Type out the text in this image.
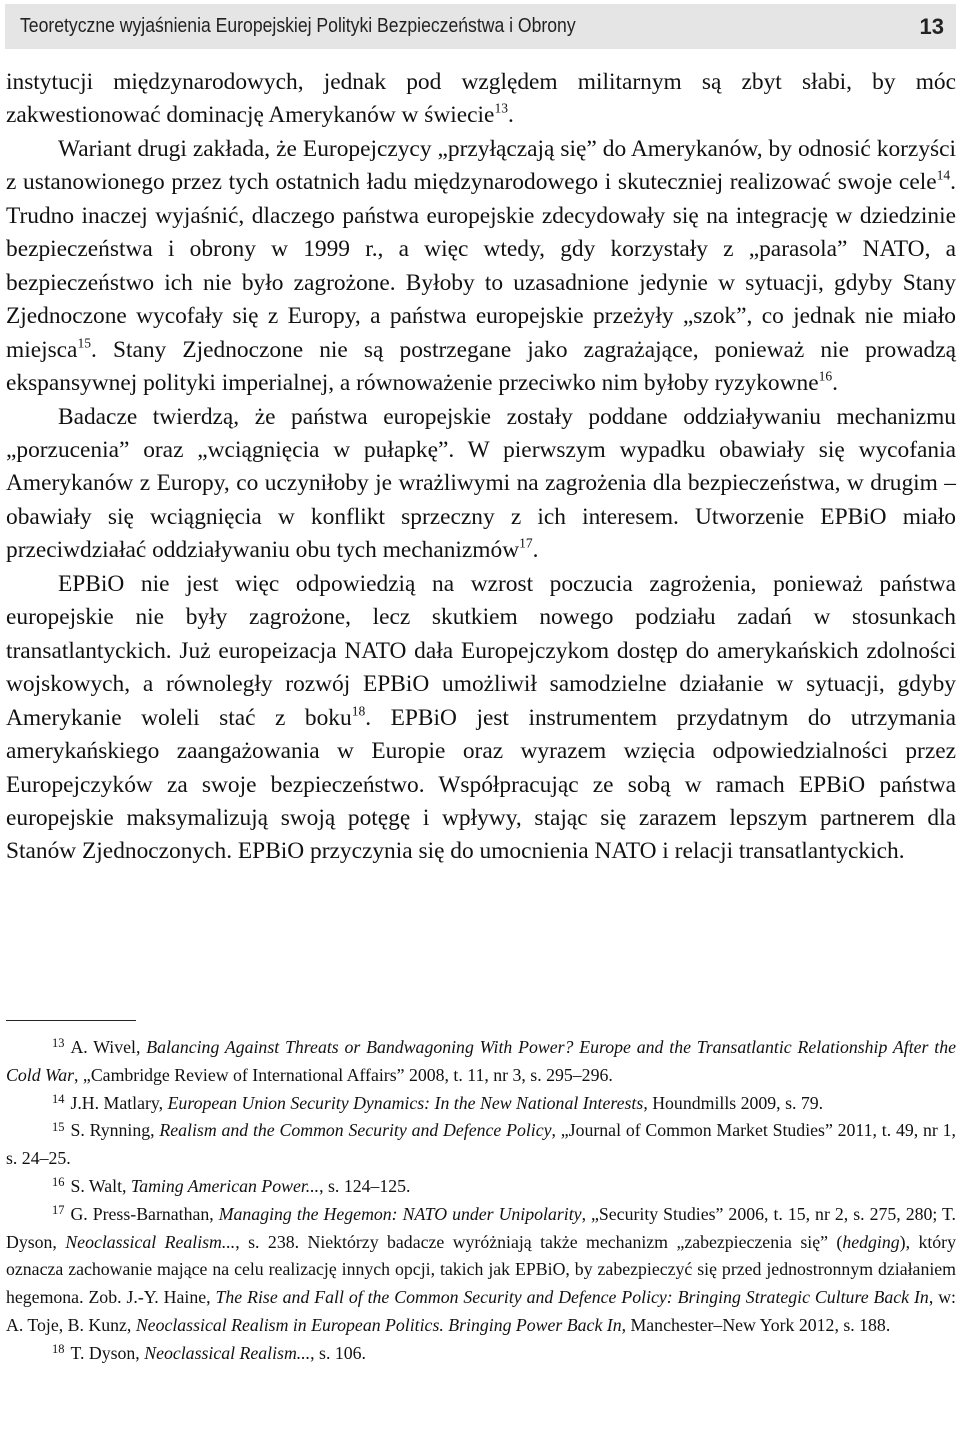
Teoretyczne wyjaśnienia Europejskiej Polityki Bezpieczeństwa i Obrony	13

instytucji międzynarodowych, jednak pod względem militarnym są zbyt słabi, by móc zakwestionować dominację Amerykanów w świecie$^{13}$.

Wariant drugi zakłada, że Europejczycy „przyłączają się” do Amerykanów, by odnosić korzyści z ustanowionego przez tych ostatnich ładu międzynarodowego i skuteczniej realizować swoje cele$^{14}$. Trudno inaczej wyjaśnić, dlaczego państwa europejskie zdecydowały się na integrację w dziedzinie bezpieczeństwa i obrony w 1999 r., a więc wtedy, gdy korzystały z „parasola” NATO, a bezpieczeństwo ich nie było zagrożone. Byłoby to uzasadnione jedynie w sytuacji, gdyby Stany Zjednoczone wycofały się z Europy, a państwa europejskie przeżyły „szok”, co jednak nie miało miejsca$^{15}$. Stany Zjednoczone nie są postrzegane jako zagrażające, ponieważ nie prowadzą ekspansywnej polityki imperialnej, a równoważenie przeciwko nim byłoby ryzykowne$^{16}$.

Badacze twierdzą, że państwa europejskie zostały poddane oddziaływaniu mechanizmu „porzucenia” oraz „wciągnięcia w pułapkę”. W pierwszym wypadku obawiały się wycofania Amerykanów z Europy, co uczyniłoby je wrażliwymi na zagrożenia dla bezpieczeństwa, w drugim – obawiały się wciągnięcia w konflikt sprzeczny z ich interesem. Utworzenie EPBiO miało przeciwdziałać oddziaływaniu obu tych mechanizmów$^{17}$.

EPBiO nie jest więc odpowiedzią na wzrost poczucia zagrożenia, ponieważ państwa europejskie nie były zagrożone, lecz skutkiem nowego podziału zadań w stosunkach transatlantyckich. Już europeizacja NATO dała Europejczykom dostęp do amerykańskich zdolności wojskowych, a równoległy rozwój EPBiO umożliwił samodzielne działanie w sytuacji, gdyby Amerykanie woleli stać z boku$^{18}$. EPBiO jest instrumentem przydatnym do utrzymania amerykańskiego zaangażowania w Europie oraz wyrazem wzięcia odpowiedzialności przez Europejczyków za swoje bezpieczeństwo. Współpracując ze sobą w ramach EPBiO państwa europejskie maksymalizują swoją potęgę i wpływy, stając się zarazem lepszym partnerem dla Stanów Zjednoczonych. EPBiO przyczynia się do umocnienia NATO i relacji transatlantyckich.

$^{13}$ A. Wivel, Balancing Against Threats or Bandwagoning With Power? Europe and the Transatlantic Relationship After the Cold War, „Cambridge Review of International Affairs” 2008, t. 11, nr 3, s. 295–296.

$^{14}$ J.H. Matlary, European Union Security Dynamics: In the New National Interests, Houndmills 2009, s. 79.

$^{15}$ S. Rynning, Realism and the Common Security and Defence Policy, „Journal of Common Market Studies” 2011, t. 49, nr 1, s. 24–25.

$^{16}$ S. Walt, Taming American Power..., s. 124–125.

$^{17}$ G. Press-Barnathan, Managing the Hegemon: NATO under Unipolarity, „Security Studies” 2006, t. 15, nr 2, s. 275, 280; T. Dyson, Neoclassical Realism..., s. 238. Niektórzy badacze wyróżniają także mechanizm „zabezpieczenia się” (hedging), który oznacza zachowanie mające na celu realizację innych opcji, takich jak EPBiO, by zabezpieczyć się przed jednostronnym działaniem hegemona. Zob. J.-Y. Haine, The Rise and Fall of the Common Security and Defence Policy: Bringing Strategic Culture Back In, w: A. Toje, B. Kunz, Neoclassical Realism in European Politics. Bringing Power Back In, Manchester–New York 2012, s. 188.

$^{18}$ T. Dyson, Neoclassical Realism..., s. 106.
